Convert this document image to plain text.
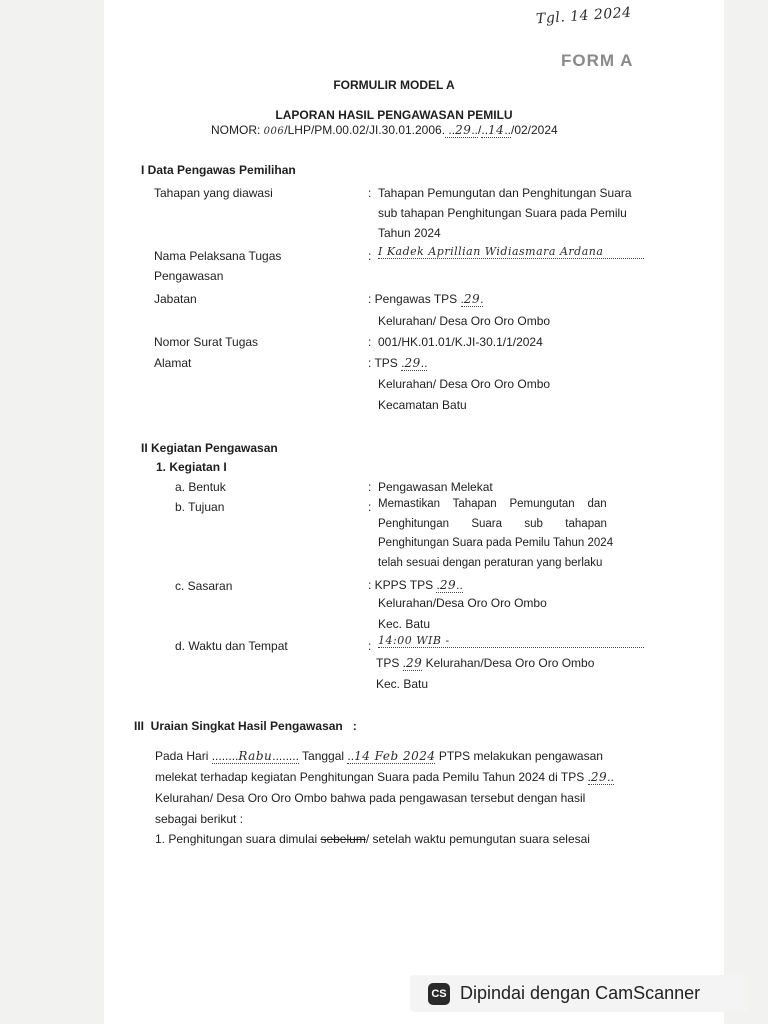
Tgl. 14 2024
FORM A
FORMULIR MODEL A
LAPORAN HASIL PENGAWASAN PEMILU
NOMOR: 006/LHP/PM.00.02/JI.30.01.2006. ..29../..14../02/2024
I Data Pengawas Pemilihan
Tahapan yang diawasi	: Tahapan Pemungutan dan Penghitungan Suara
sub tahapan Penghitungan Suara pada Pemilu
Tahun 2024
Nama Pelaksana Tugas
Pengawasan
: I Kadek Aprillian Widiasmara Ardana
Jabatan	: Pengawas TPS .29.
Kelurahan/ Desa Oro Oro Ombo
Nomor Surat Tugas	: 001/HK.01.01/K.JI-30.1/1/2024
Alamat	: TPS .29..
Kelurahan/ Desa Oro Oro Ombo
Kecamatan Batu
II Kegiatan Pengawasan
1. Kegiatan I
a. Bentuk	: Pengawasan Melekat
b. Tujuan	: Memastikan    Tahapan    Pemungutan    dan
Penghitungan       Suara       sub       tahapan
Penghitungan Suara pada Pemilu Tahun 2024
telah sesuai dengan peraturan yang berlaku
c. Sasaran	: KPPS TPS .29..
Kelurahan/Desa Oro Oro Ombo
Kec. Batu
d. Waktu dan Tempat	: 14:00 WIB -
TPS .29 Kelurahan/Desa Oro Oro Ombo
Kec. Batu
III  Uraian Singkat Hasil Pengawasan   :
Pada Hari ........Rabu........ Tanggal ..14 Feb 2024 PTPS melakukan pengawasan
melekat terhadap kegiatan Penghitungan Suara pada Pemilu Tahun 2024 di TPS .29..
Kelurahan/ Desa Oro Oro Ombo bahwa pada pengawasan tersebut dengan hasil
sebagai berikut :
1. Penghitungan suara dimulai sebelum/ setelah waktu pemungutan suara selesai
CS Dipindai dengan CamScanner
